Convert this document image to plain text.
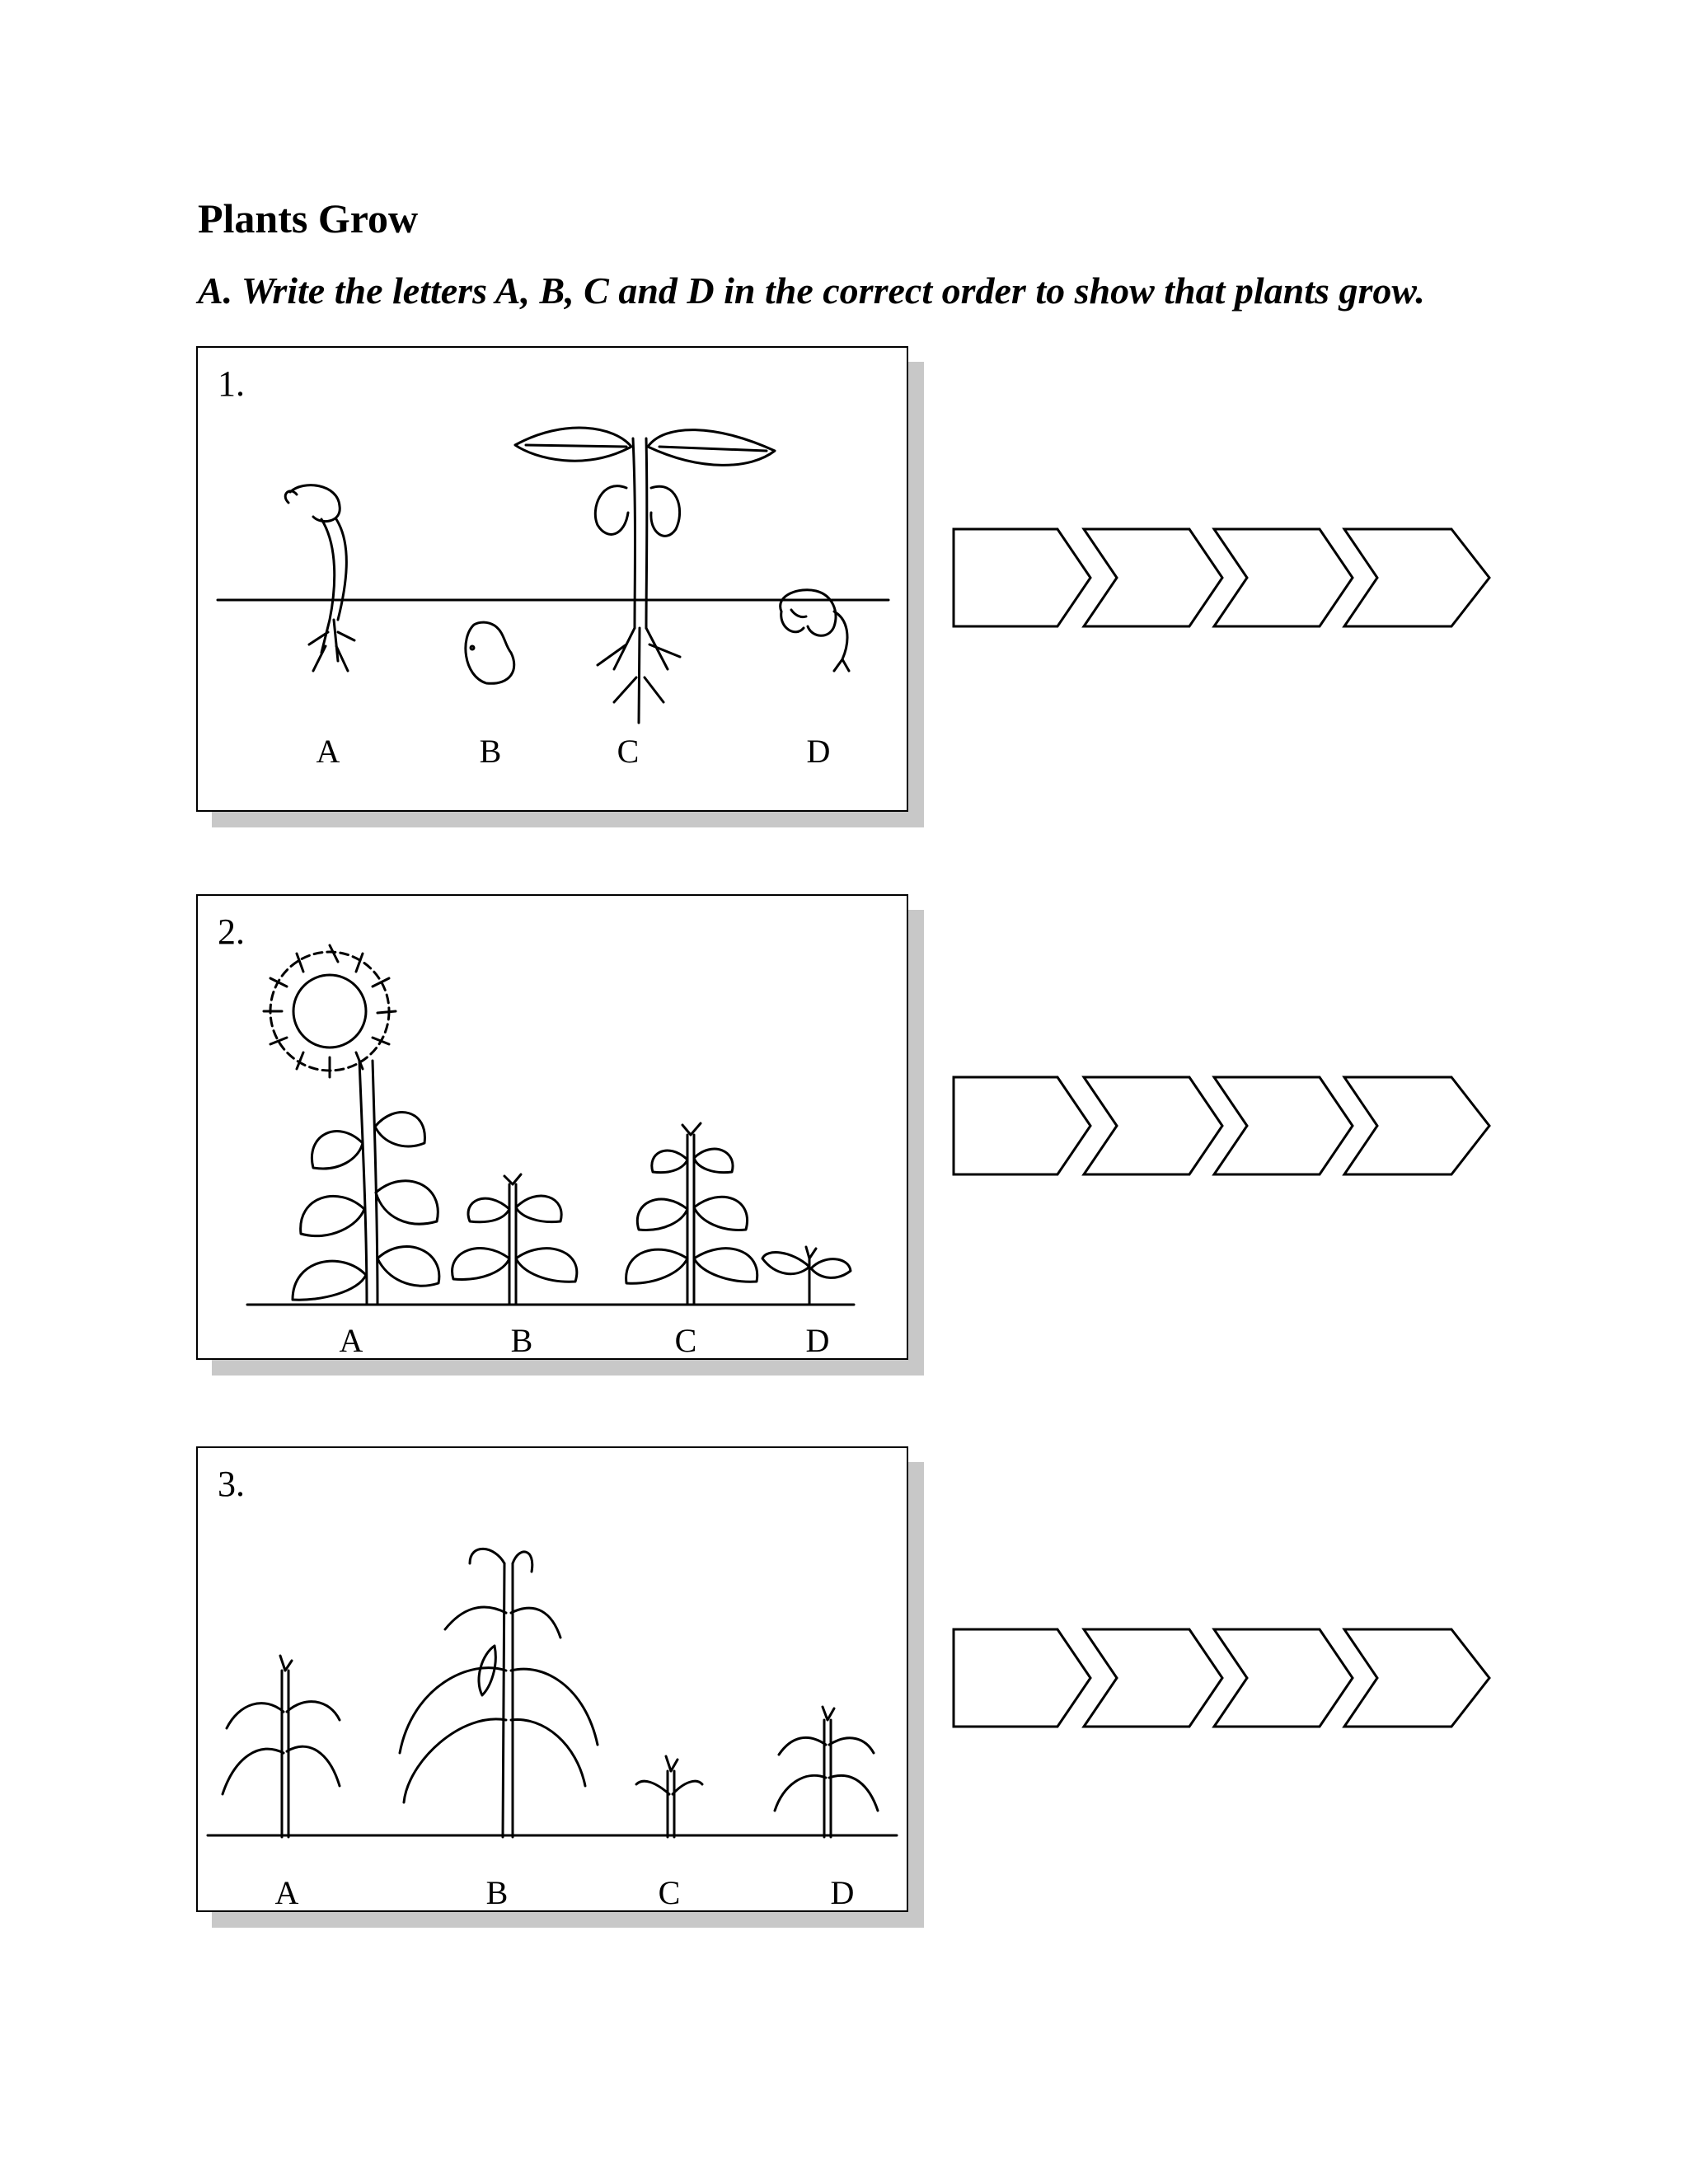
Plants Grow

A. Write the letters A, B, C and D in the correct order to show that plants grow.

1.
A	B	C	D
2.
A	B	C	D
3.
A	B	C	D
